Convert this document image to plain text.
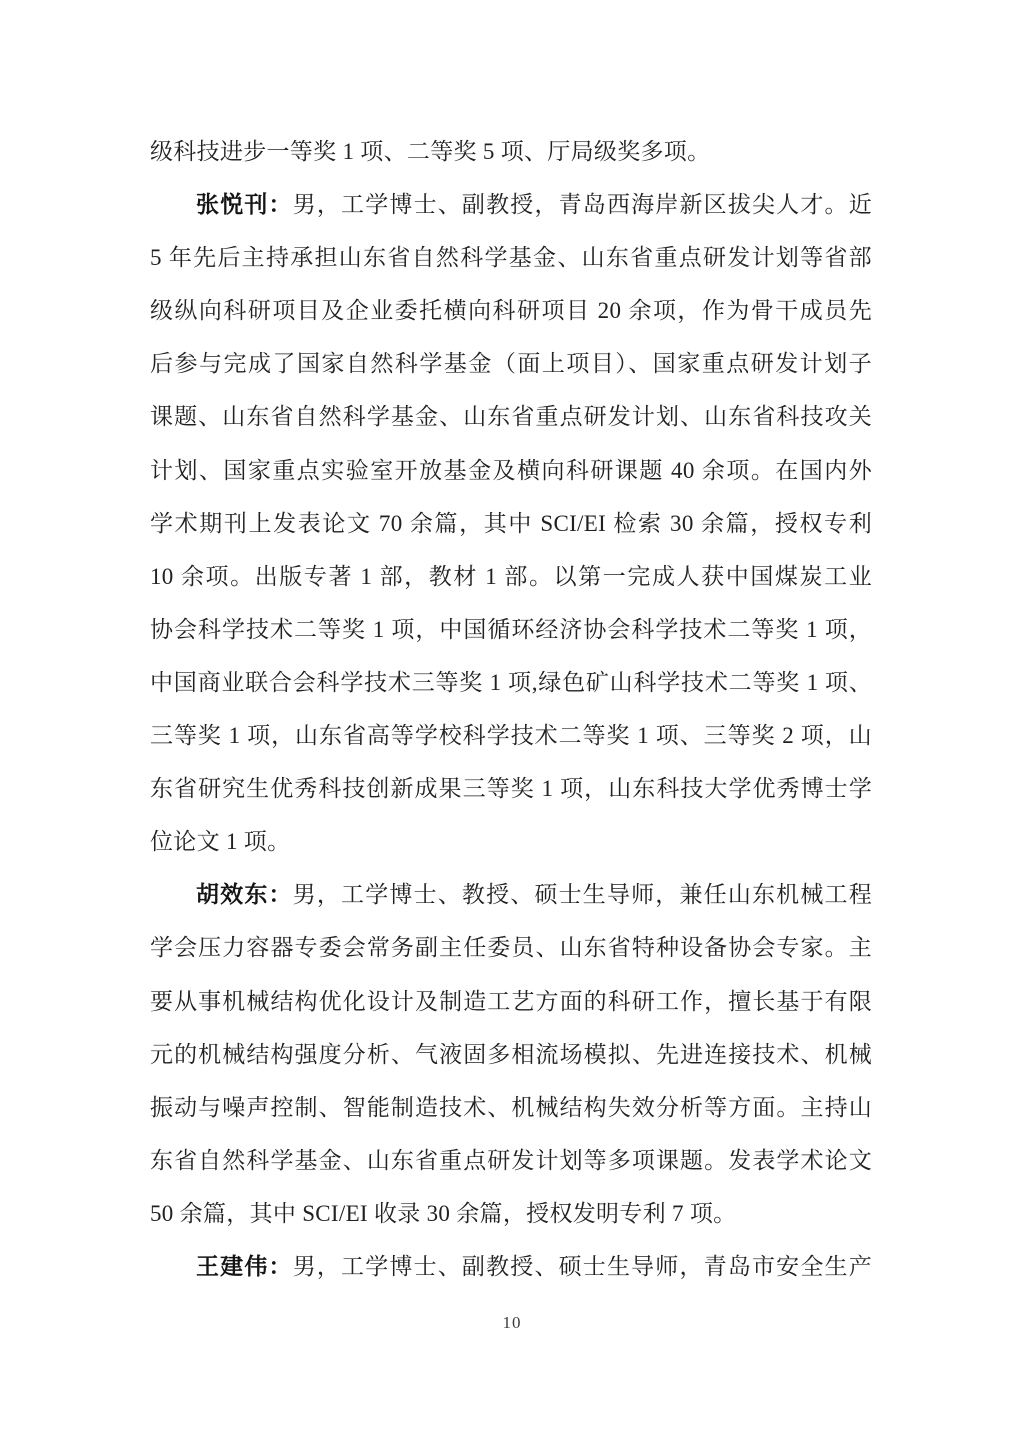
级科技进步一等奖 1 项、二等奖 5 项、厅局级奖多项。
张悦刊：男，工学博士、副教授，青岛西海岸新区拔尖人才。近
5 年先后主持承担山东省自然科学基金、山东省重点研发计划等省部
级纵向科研项目及企业委托横向科研项目 20 余项，作为骨干成员先
后参与完成了国家自然科学基金（面上项目）、国家重点研发计划子
课题、山东省自然科学基金、山东省重点研发计划、山东省科技攻关
计划、国家重点实验室开放基金及横向科研课题 40 余项。在国内外
学术期刊上发表论文 70 余篇，其中 SCI/EI 检索 30 余篇，授权专利
10 余项。出版专著 1 部，教材 1 部。以第一完成人获中国煤炭工业
协会科学技术二等奖 1 项，中国循环经济协会科学技术二等奖 1 项，
中国商业联合会科学技术三等奖 1 项,绿色矿山科学技术二等奖 1 项、
三等奖 1 项，山东省高等学校科学技术二等奖 1 项、三等奖 2 项，山
东省研究生优秀科技创新成果三等奖 1 项，山东科技大学优秀博士学
位论文 1 项。
胡效东：男，工学博士、教授、硕士生导师，兼任山东机械工程
学会压力容器专委会常务副主任委员、山东省特种设备协会专家。主
要从事机械结构优化设计及制造工艺方面的科研工作，擅长基于有限
元的机械结构强度分析、气液固多相流场模拟、先进连接技术、机械
振动与噪声控制、智能制造技术、机械结构失效分析等方面。主持山
东省自然科学基金、山东省重点研发计划等多项课题。发表学术论文
50 余篇，其中 SCI/EI 收录 30 余篇，授权发明专利 7 项。
王建伟：男，工学博士、副教授、硕士生导师，青岛市安全生产
10
